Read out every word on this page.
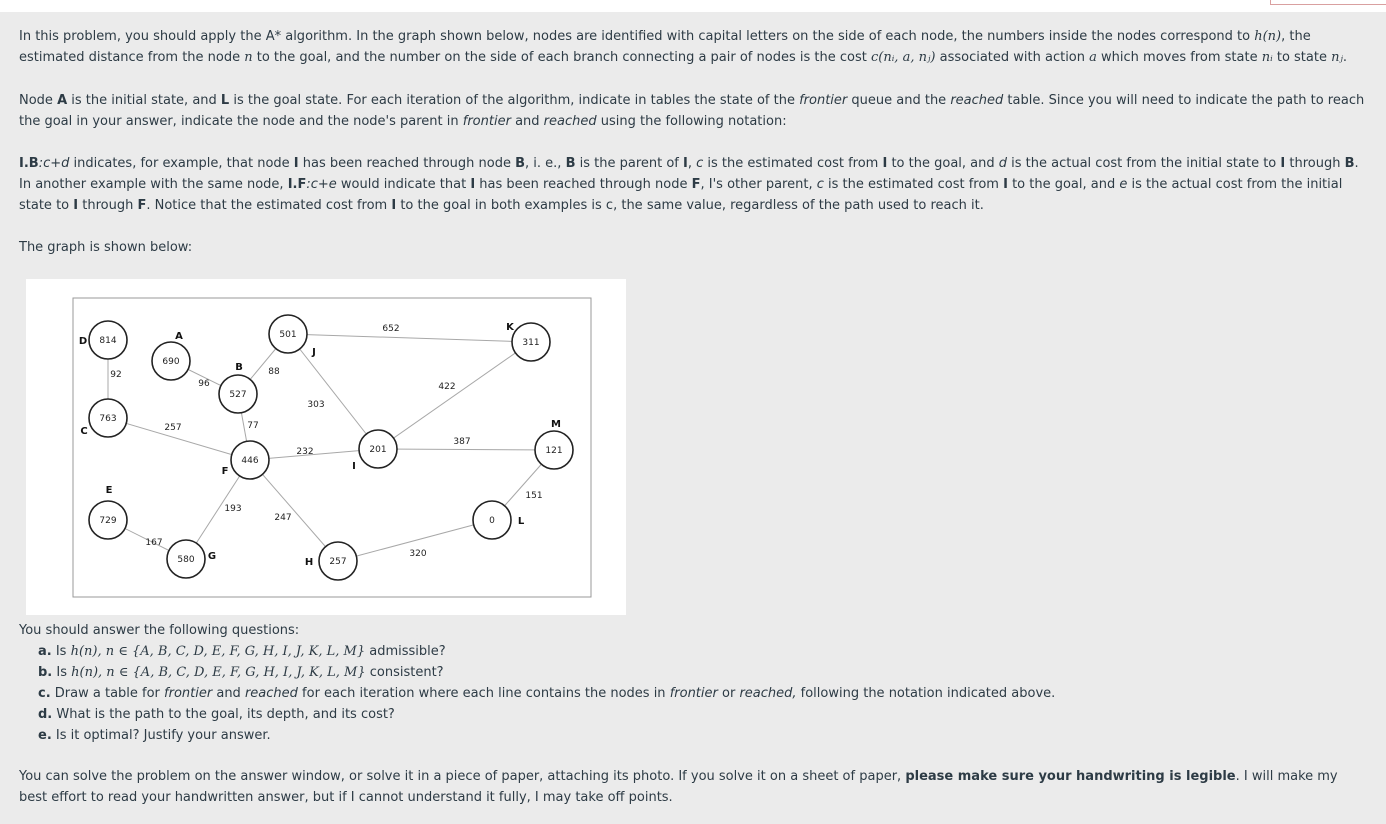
In this problem, you should apply the A* algorithm. In the graph shown below, nodes are identified with capital letters on the side of each node, the numbers inside the nodes correspond to h(n), the estimated distance from the node n to the goal, and the number on the side of each branch connecting a pair of nodes is the cost c(nᵢ, a, nⱼ) associated with action a which moves from state nᵢ to state nⱼ.

Node A is the initial state, and L is the goal state. For each iteration of the algorithm, indicate in tables the state of the frontier queue and the reached table. Since you will need to indicate the path to reach the goal in your answer, indicate the node and the node's parent in frontier and reached using the following notation:

I.B:c+d indicates, for example, that node I has been reached through node B, i. e., B is the parent of I, c is the estimated cost from I to the goal, and d is the actual cost from the initial state to I through B. In another example with the same node, I.F:c+e would indicate that I has been reached through node F, I's other parent, c is the estimated cost from I to the goal, and e is the actual cost from the initial state to I through F. Notice that the estimated cost from I to the goal in both examples is c, the same value, regardless of the path used to reach it.

The graph is shown below:

92
96
88
652
257	77
303
232
422
387
151
193
247
167
320
814
D
690
A
527
B
501
J
311
K
763
C
446
F
201
I
121
M
729
E
580 G	257
H
0 L
You should answer the following questions:
a. Is h(n), n ∈ {A, B, C, D, E, F, G, H, I, J, K, L, M} admissible?
b. Is h(n), n ∈ {A, B, C, D, E, F, G, H, I, J, K, L, M} consistent?
c. Draw a table for frontier and reached for each iteration where each line contains the nodes in frontier or reached, following the notation indicated above.
d. What is the path to the goal, its depth, and its cost?
e. Is it optimal? Justify your answer.

You can solve the problem on the answer window, or solve it in a piece of paper, attaching its photo. If you solve it on a sheet of paper, please make sure your handwriting is legible. I will make my best effort to read your handwritten answer, but if I cannot understand it fully, I may take off points.
